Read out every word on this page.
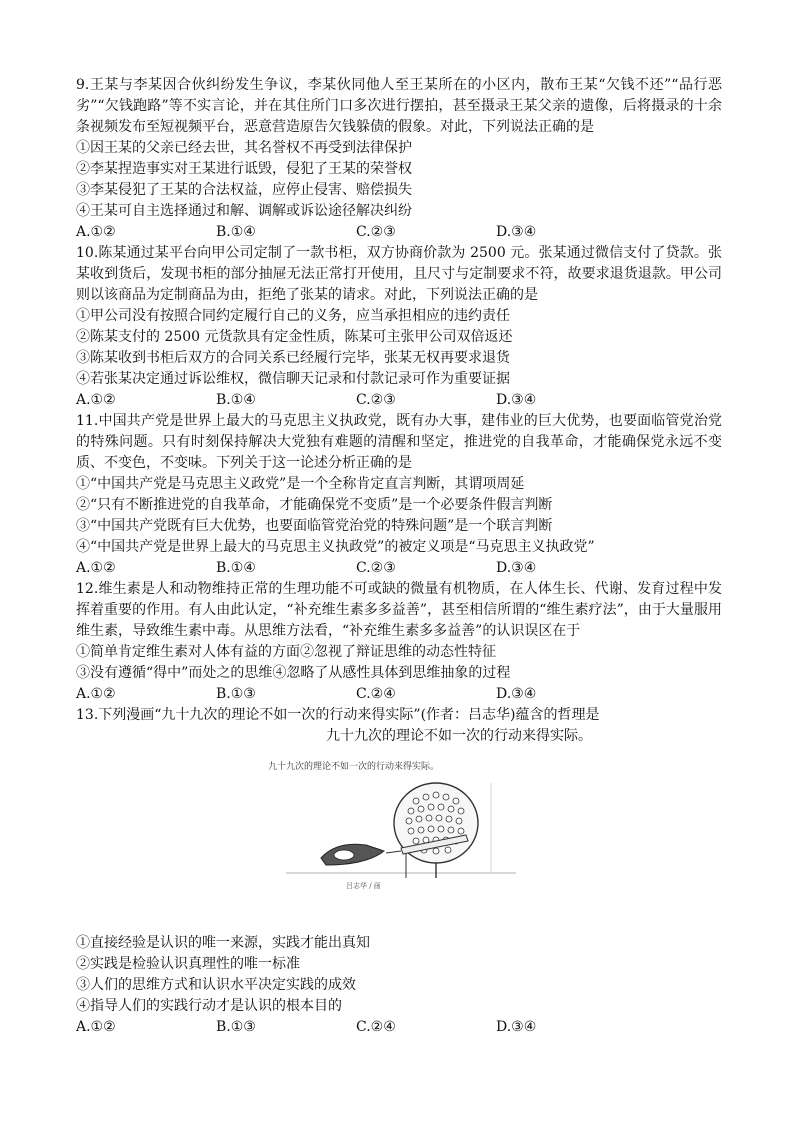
9.王某与李某因合伙纠纷发生争议，李某伙同他人至王某所在的小区内，散布王某“欠钱不还”“品行恶劣”“欠钱跑路”等不实言论，并在其住所门口多次进行摆拍，甚至摄录王某父亲的遗像，后将摄录的十余条视频发布至短视频平台，恶意营造原告欠钱躲债的假象。对此，下列说法正确的是

①因王某的父亲已经去世，其名誉权不再受到法律保护

②李某捏造事实对王某进行诋毁，侵犯了王某的荣誉权

③李某侵犯了王某的合法权益，应停止侵害、赔偿损失

④王某可自主选择通过和解、调解或诉讼途径解决纠纷

A.①②	B.①④	C.②③	D.③④

10.陈某通过某平台向甲公司定制了一款书柜，双方协商价款为 2500 元。张某通过微信支付了贷款。张某收到货后，发现书柜的部分抽屉无法正常打开使用，且尺寸与定制要求不符，故要求退货退款。甲公司则以该商品为定制商品为由，拒绝了张某的请求。对此，下列说法正确的是

①甲公司没有按照合同约定履行自己的义务，应当承担相应的违约责任

②陈某支付的 2500 元货款具有定金性质，陈某可主张甲公司双倍返还

③陈某收到书柜后双方的合同关系已经履行完毕，张某无权再要求退货

④若张某决定通过诉讼维权，微信聊天记录和付款记录可作为重要证据

A.①②	B.①④	C.②③	D.③④

11.中国共产党是世界上最大的马克思主义执政党，既有办大事，建伟业的巨大优势，也要面临管党治党的特殊问题。只有时刻保持解决大党独有难题的清醒和坚定，推进党的自我革命，才能确保党永远不变质、不变色，不变味。下列关于这一论述分析正确的是

①“中国共产党是马克思主义政党”是一个全称肯定直言判断，其谓项周延

②“只有不断推进党的自我革命，才能确保党不变质”是一个必要条件假言判断

③“中国共产党既有巨大优势，也要面临管党治党的特殊问题”是一个联言判断

④“中国共产党是世界上最大的马克思主义执政党”的被定义项是“马克思主义执政党”

A.①②	B.①④	C.②③	D.③④

12.维生素是人和动物维持正常的生理功能不可或缺的微量有机物质，在人体生长、代谢、发育过程中发挥着重要的作用。有人由此认定，“补充维生素多多益善”，甚至相信所谓的“维生素疗法”，由于大量服用维生素，导致维生素中毒。从思维方法看，“补充维生素多多益善”的认识误区在于

①简单肯定维生素对人体有益的方面②忽视了辩证思维的动态性特征

③没有遵循“得中”而处之的思维④忽略了从感性具体到思维抽象的过程

A.①②	B.①③	C.②④	D.③④

13.下列漫画“九十九次的理论不如一次的行动来得实际”(作者：吕志华)蕴含的哲理是

九十九次的理论不如一次的行动来得实际。

九十九次的理论不如一次的行动来得实际。
吕志华 / 画

①直接经验是认识的唯一来源，实践才能出真知

②实践是检验认识真理性的唯一标准

③人们的思维方式和认识水平决定实践的成效

④指导人们的实践行动才是认识的根本目的

A.①②	B.①③	C.②④	D.③④
